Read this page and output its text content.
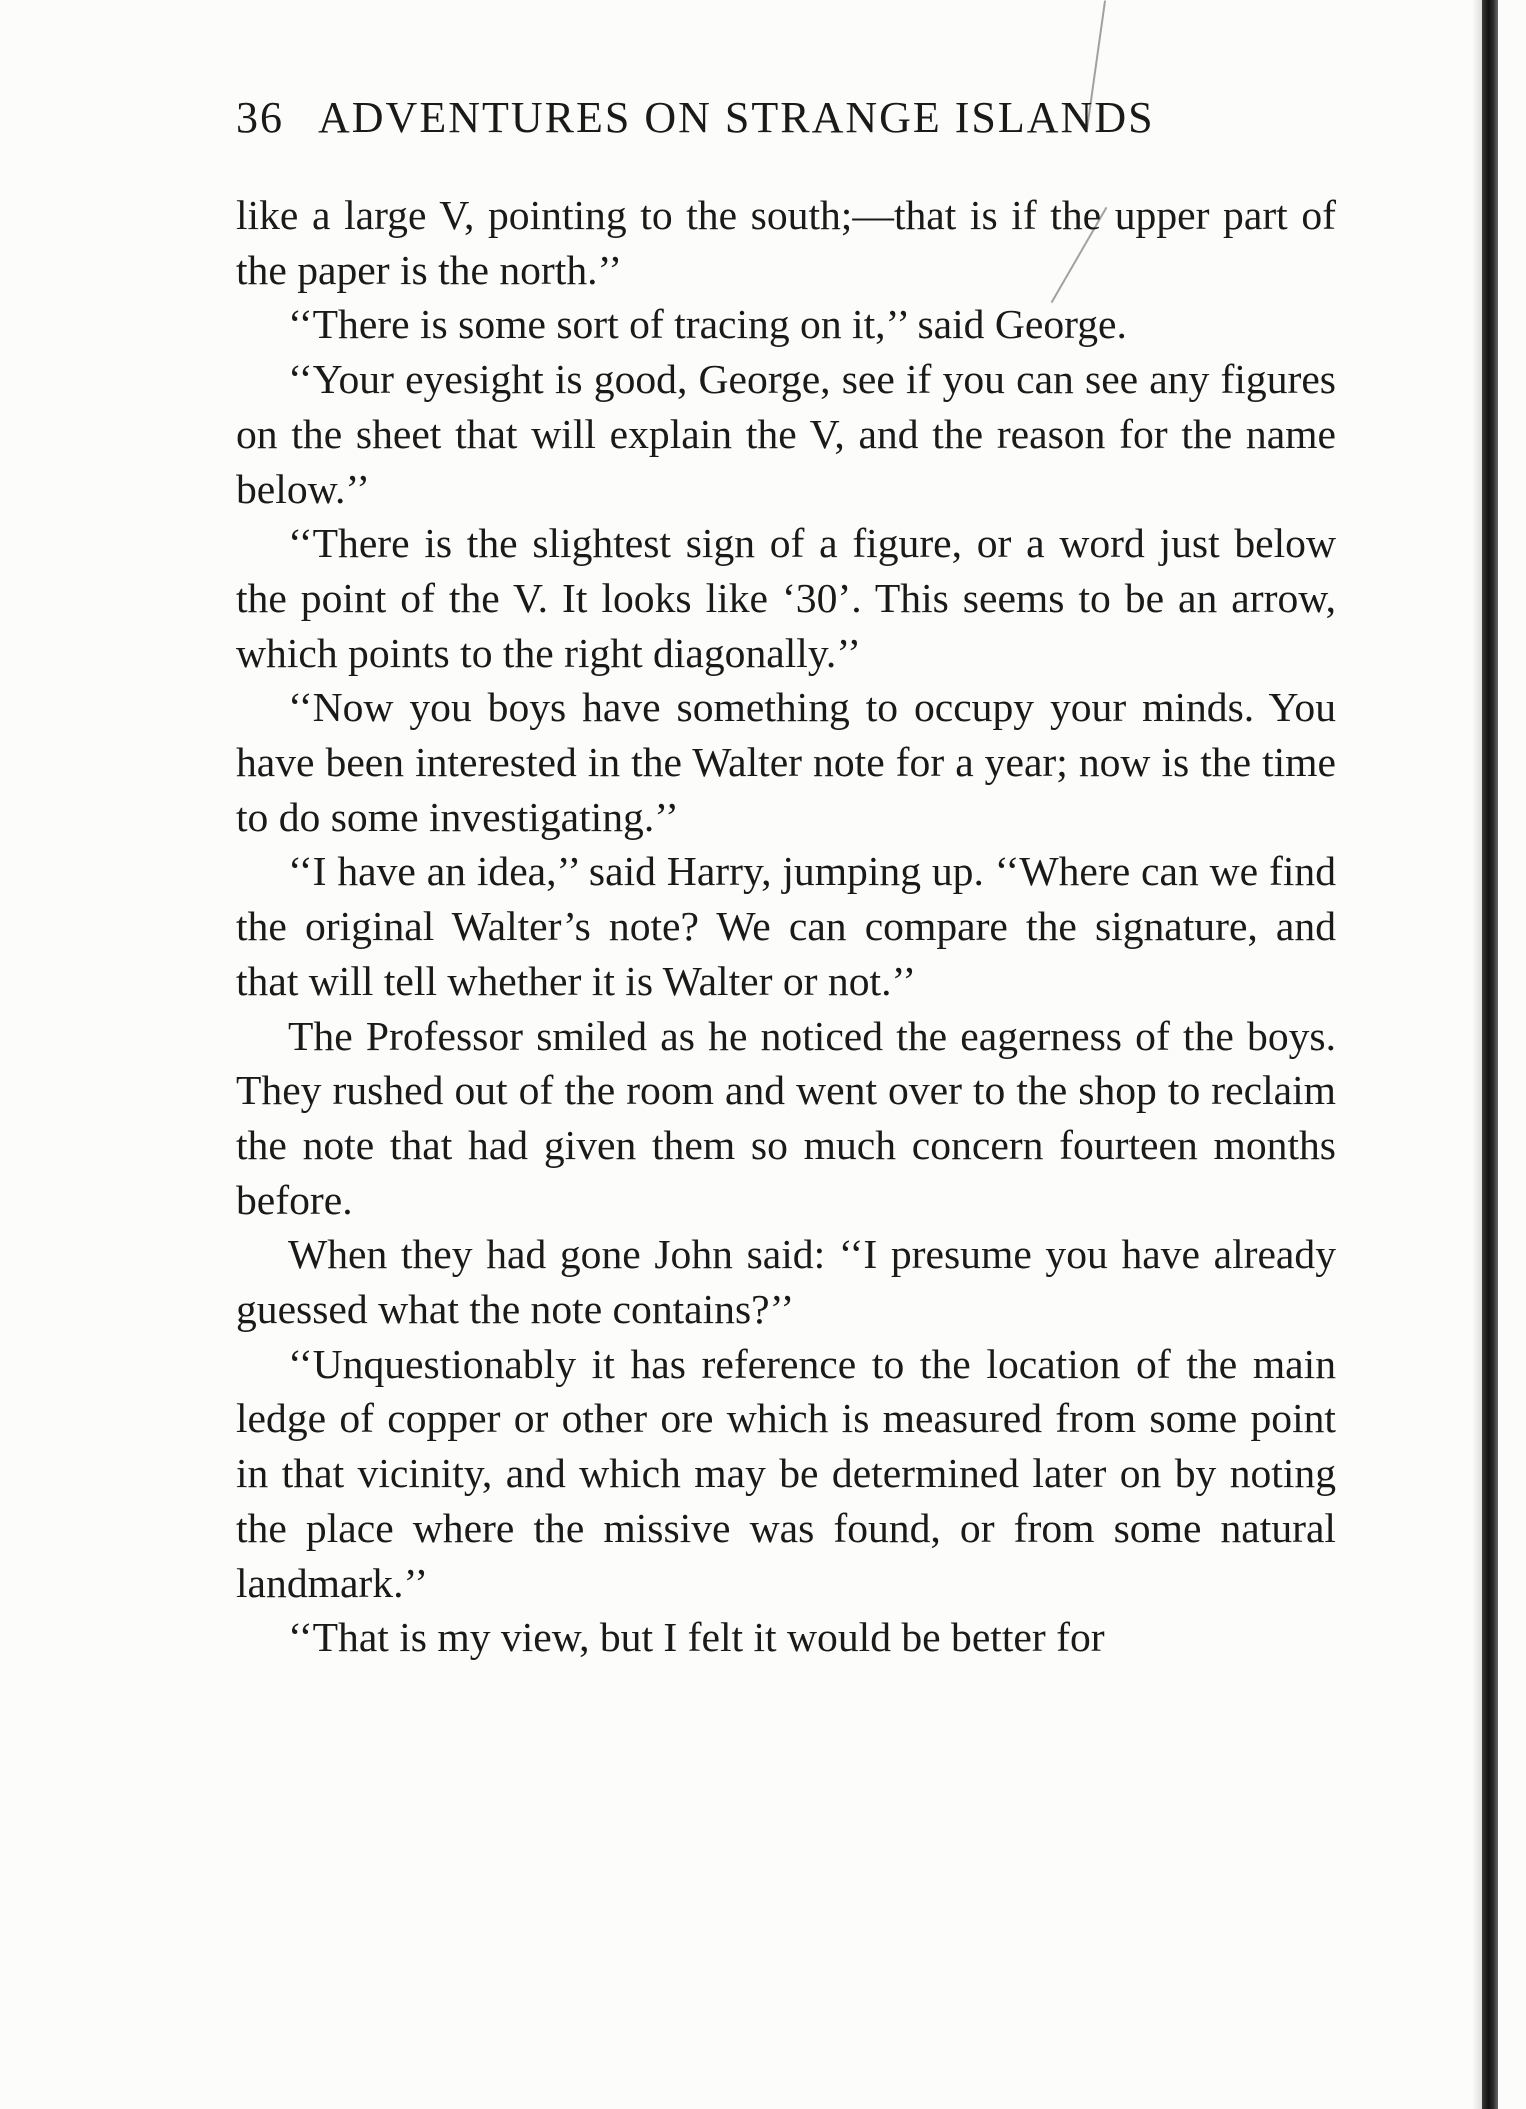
36 ADVENTURES ON STRANGE ISLANDS

like a large V, pointing to the south;—that is if the upper part of the paper is the north.’’

‘‘There is some sort of tracing on it,’’ said George.

‘‘Your eyesight is good, George, see if you can see any figures on the sheet that will explain the V, and the reason for the name below.’’

‘‘There is the slightest sign of a figure, or a word just below the point of the V. It looks like ‘30’. This seems to be an arrow, which points to the right diagonally.’’

‘‘Now you boys have something to occupy your minds. You have been interested in the Walter note for a year; now is the time to do some investigating.’’

‘‘I have an idea,’’ said Harry, jumping up. ‘‘Where can we find the original Walter’s note? We can compare the signature, and that will tell whether it is Walter or not.’’

The Professor smiled as he noticed the eagerness of the boys. They rushed out of the room and went over to the shop to reclaim the note that had given them so much concern fourteen months before.

When they had gone John said: ‘‘I presume you have already guessed what the note contains?’’

‘‘Unquestionably it has reference to the location of the main ledge of copper or other ore which is measured from some point in that vicinity, and which may be determined later on by noting the place where the missive was found, or from some natural landmark.’’

‘‘That is my view, but I felt it would be better for
